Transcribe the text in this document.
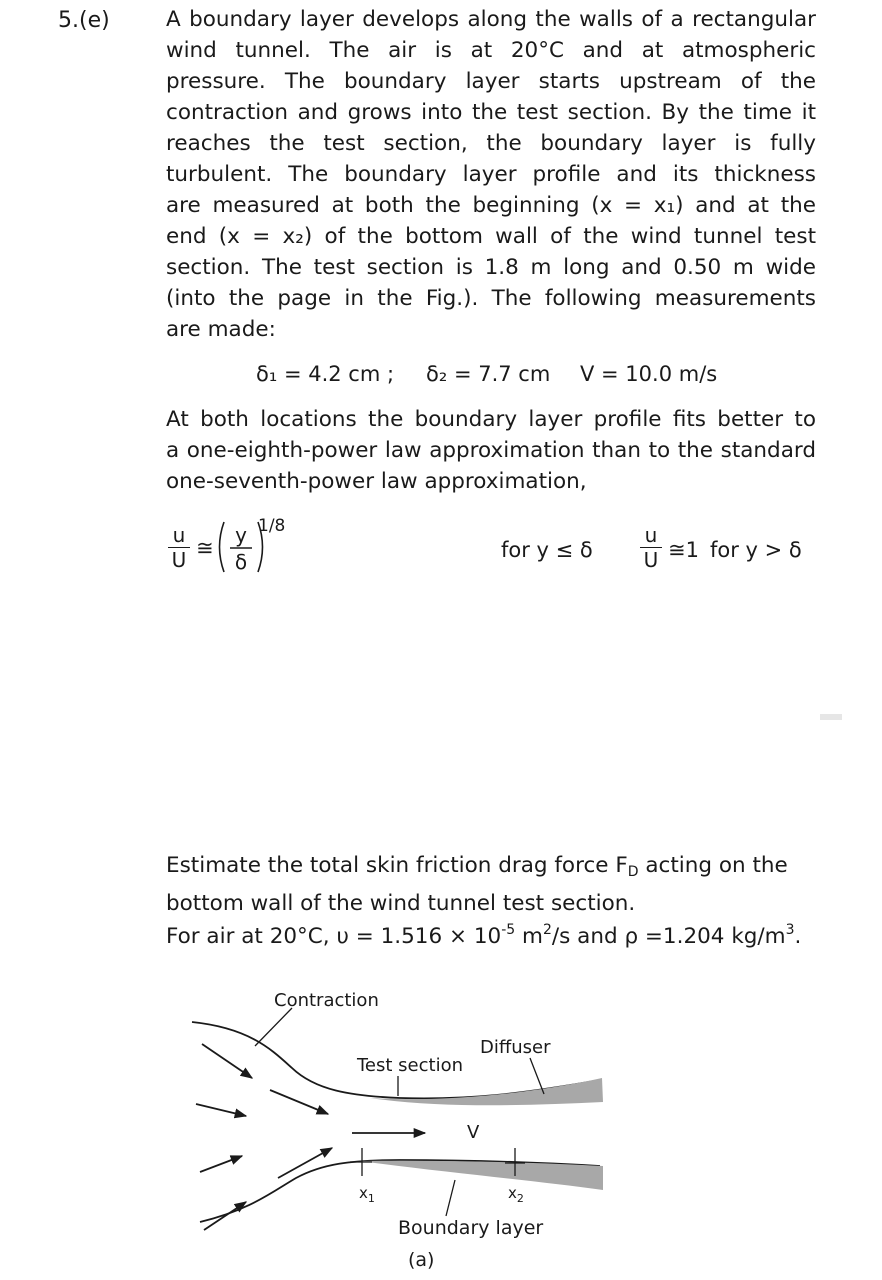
5.(e)	A boundary layer develops along the walls of a rectangular
wind tunnel. The air is at 20°C and at atmospheric
pressure. The boundary layer starts upstream of the
contraction and grows into the test section. By the time it
reaches the test section, the boundary layer is fully
turbulent. The boundary layer profile and its thickness
are measured at both the beginning (x = x₁) and at the
end (x = x₂) of the bottom wall of the wind tunnel test
section. The test section is 1.8 m long and 0.50 m wide
(into the page in the Fig.). The following measurements
are made:
δ₁ = 4.2 cm ; δ₂ = 7.7 cm V = 10.0 m/s
At both locations the boundary layer profile fits better to
a one-eighth-power law approximation than to the standard
one-seventh-power law approximation,
u
U ≅
y
δ
1/8
for y ≤ δ
u
U ≅1 for y > δ
Estimate the total skin friction drag force $F_D$ acting on the
bottom wall of the wind tunnel test section.
For air at 20°C, $\upsilon = 1.516 \times 10^{-5}$ $m^2/s$ and ρ =1.204 $kg/m^3$.
Contraction
Test section
Diffuser
V
$x_1$	$x_2$
Boundary layer
(a)
